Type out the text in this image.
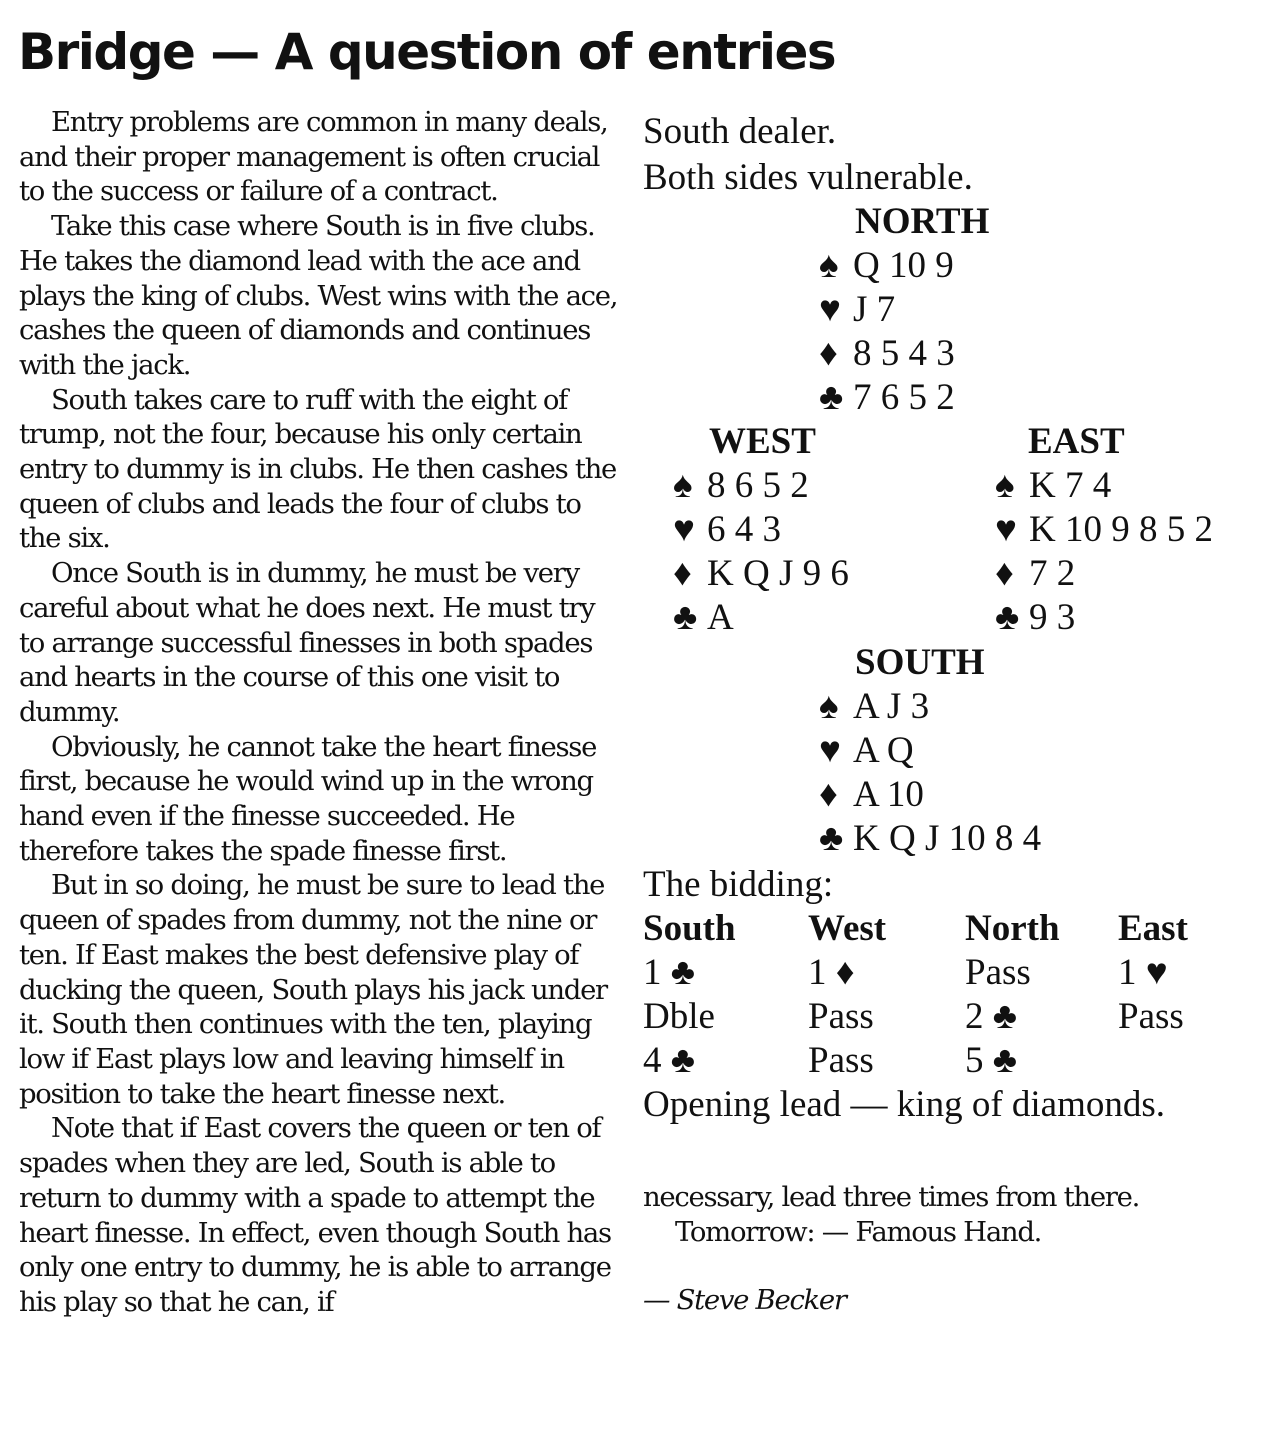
Bridge — A question of entries

Entry problems are common in many deals, and their proper management is often crucial to the success or failure of a contract.

Take this case where South is in five clubs. He takes the diamond lead with the ace and plays the king of clubs. West wins with the ace, cashes the queen of diamonds and continues with the jack.

South takes care to ruff with the eight of trump, not the four, because his only certain entry to dummy is in clubs. He then cashes the queen of clubs and leads the four of clubs to the six.

Once South is in dummy, he must be very careful about what he does next. He must try to arrange successful finesses in both spades and hearts in the course of this one visit to dummy.

Obviously, he cannot take the heart finesse first, because he would wind up in the wrong hand even if the finesse succeeded. He therefore takes the spade finesse first.

But in so doing, he must be sure to lead the queen of spades from dummy, not the nine or ten. If East makes the best defensive play of ducking the queen, South plays his jack under it. South then continues with the ten, playing low if East plays low and leaving himself in position to take the heart finesse next.

Note that if East covers the queen or ten of spades when they are led, South is able to return to dummy with a spade to attempt the heart finesse. In effect, even though South has only one entry to dummy, he is able to arrange his play so that he can, if

South dealer.
Both sides vulnerable.
NORTH
♠ Q 10 9
♥ J 7
♦ 8 5 4 3
♣ 7 6 5 2
WEST
♠ 8 6 5 2
♥ 6 4 3
♦ K Q J 9 6
♣ A
EAST
♠ K 7 4
♥ K 10 9 8 5 2
♦ 7 2
♣ 9 3
SOUTH
♠ A J 3
♥ A Q
♦ A 10
♣ K Q J 10 8 4
The bidding:
South West North East
1 ♣	1 ♦	Pass 1 ♥
Dble	Pass 2 ♣	Pass
4 ♣	Pass 5 ♣
Opening lead — king of diamonds.

necessary, lead three times from there.

Tomorrow: — Famous Hand.

— Steve Becker
